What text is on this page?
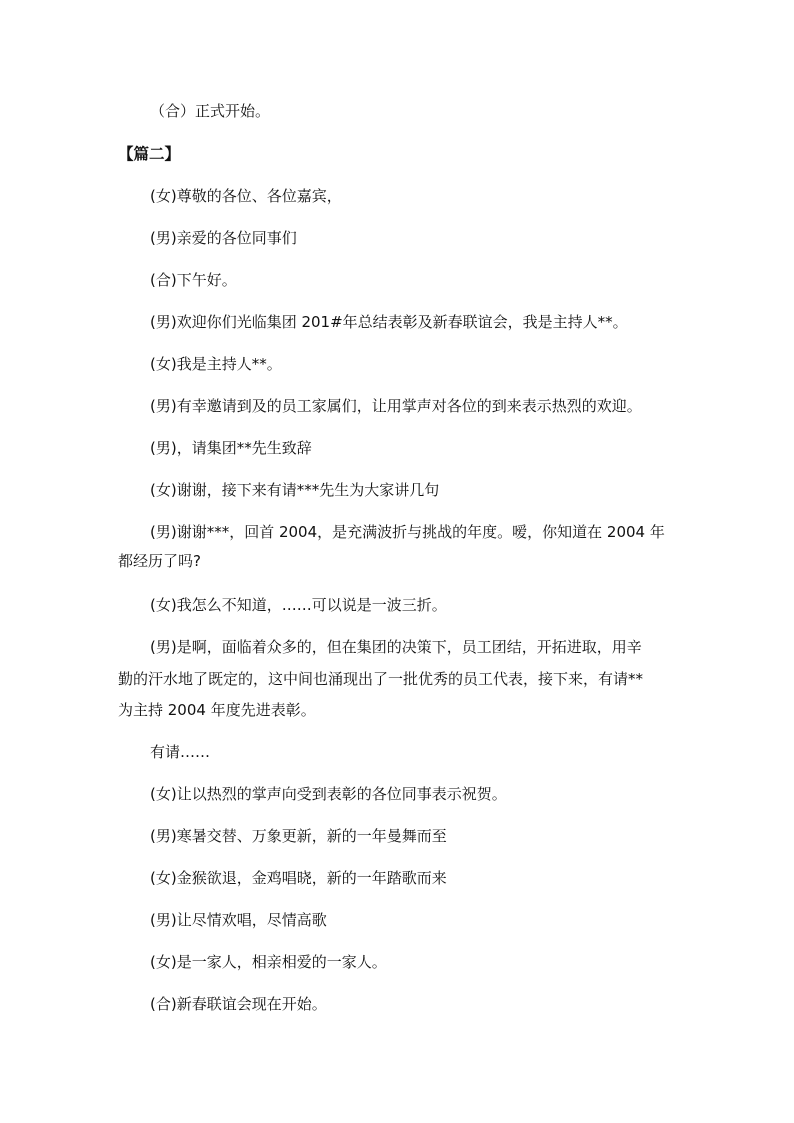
（合）正式开始。
【篇二】
(女)尊敬的各位、各位嘉宾，
(男)亲爱的各位同事们
(合)下午好。
(男)欢迎你们光临集团 201#年总结表彰及新春联谊会，我是主持人**。
(女)我是主持人**。
(男)有幸邀请到及的员工家属们，让用掌声对各位的到来表示热烈的欢迎。
(男)，请集团**先生致辞
(女)谢谢，接下来有请***先生为大家讲几句
(男)谢谢***，回首 2004，是充满波折与挑战的年度。嗳，你知道在 2004 年
都经历了吗?
(女)我怎么不知道，……可以说是一波三折。
(男)是啊，面临着众多的，但在集团的决策下，员工团结，开拓进取，用辛
勤的汗水地了既定的，这中间也涌现出了一批优秀的员工代表，接下来，有请**
为主持 2004 年度先进表彰。
有请……
(女)让以热烈的掌声向受到表彰的各位同事表示祝贺。
(男)寒暑交替、万象更新，新的一年曼舞而至
(女)金猴欲退，金鸡唱晓，新的一年踏歌而来
(男)让尽情欢唱，尽情高歌
(女)是一家人，相亲相爱的一家人。
(合)新春联谊会现在开始。
